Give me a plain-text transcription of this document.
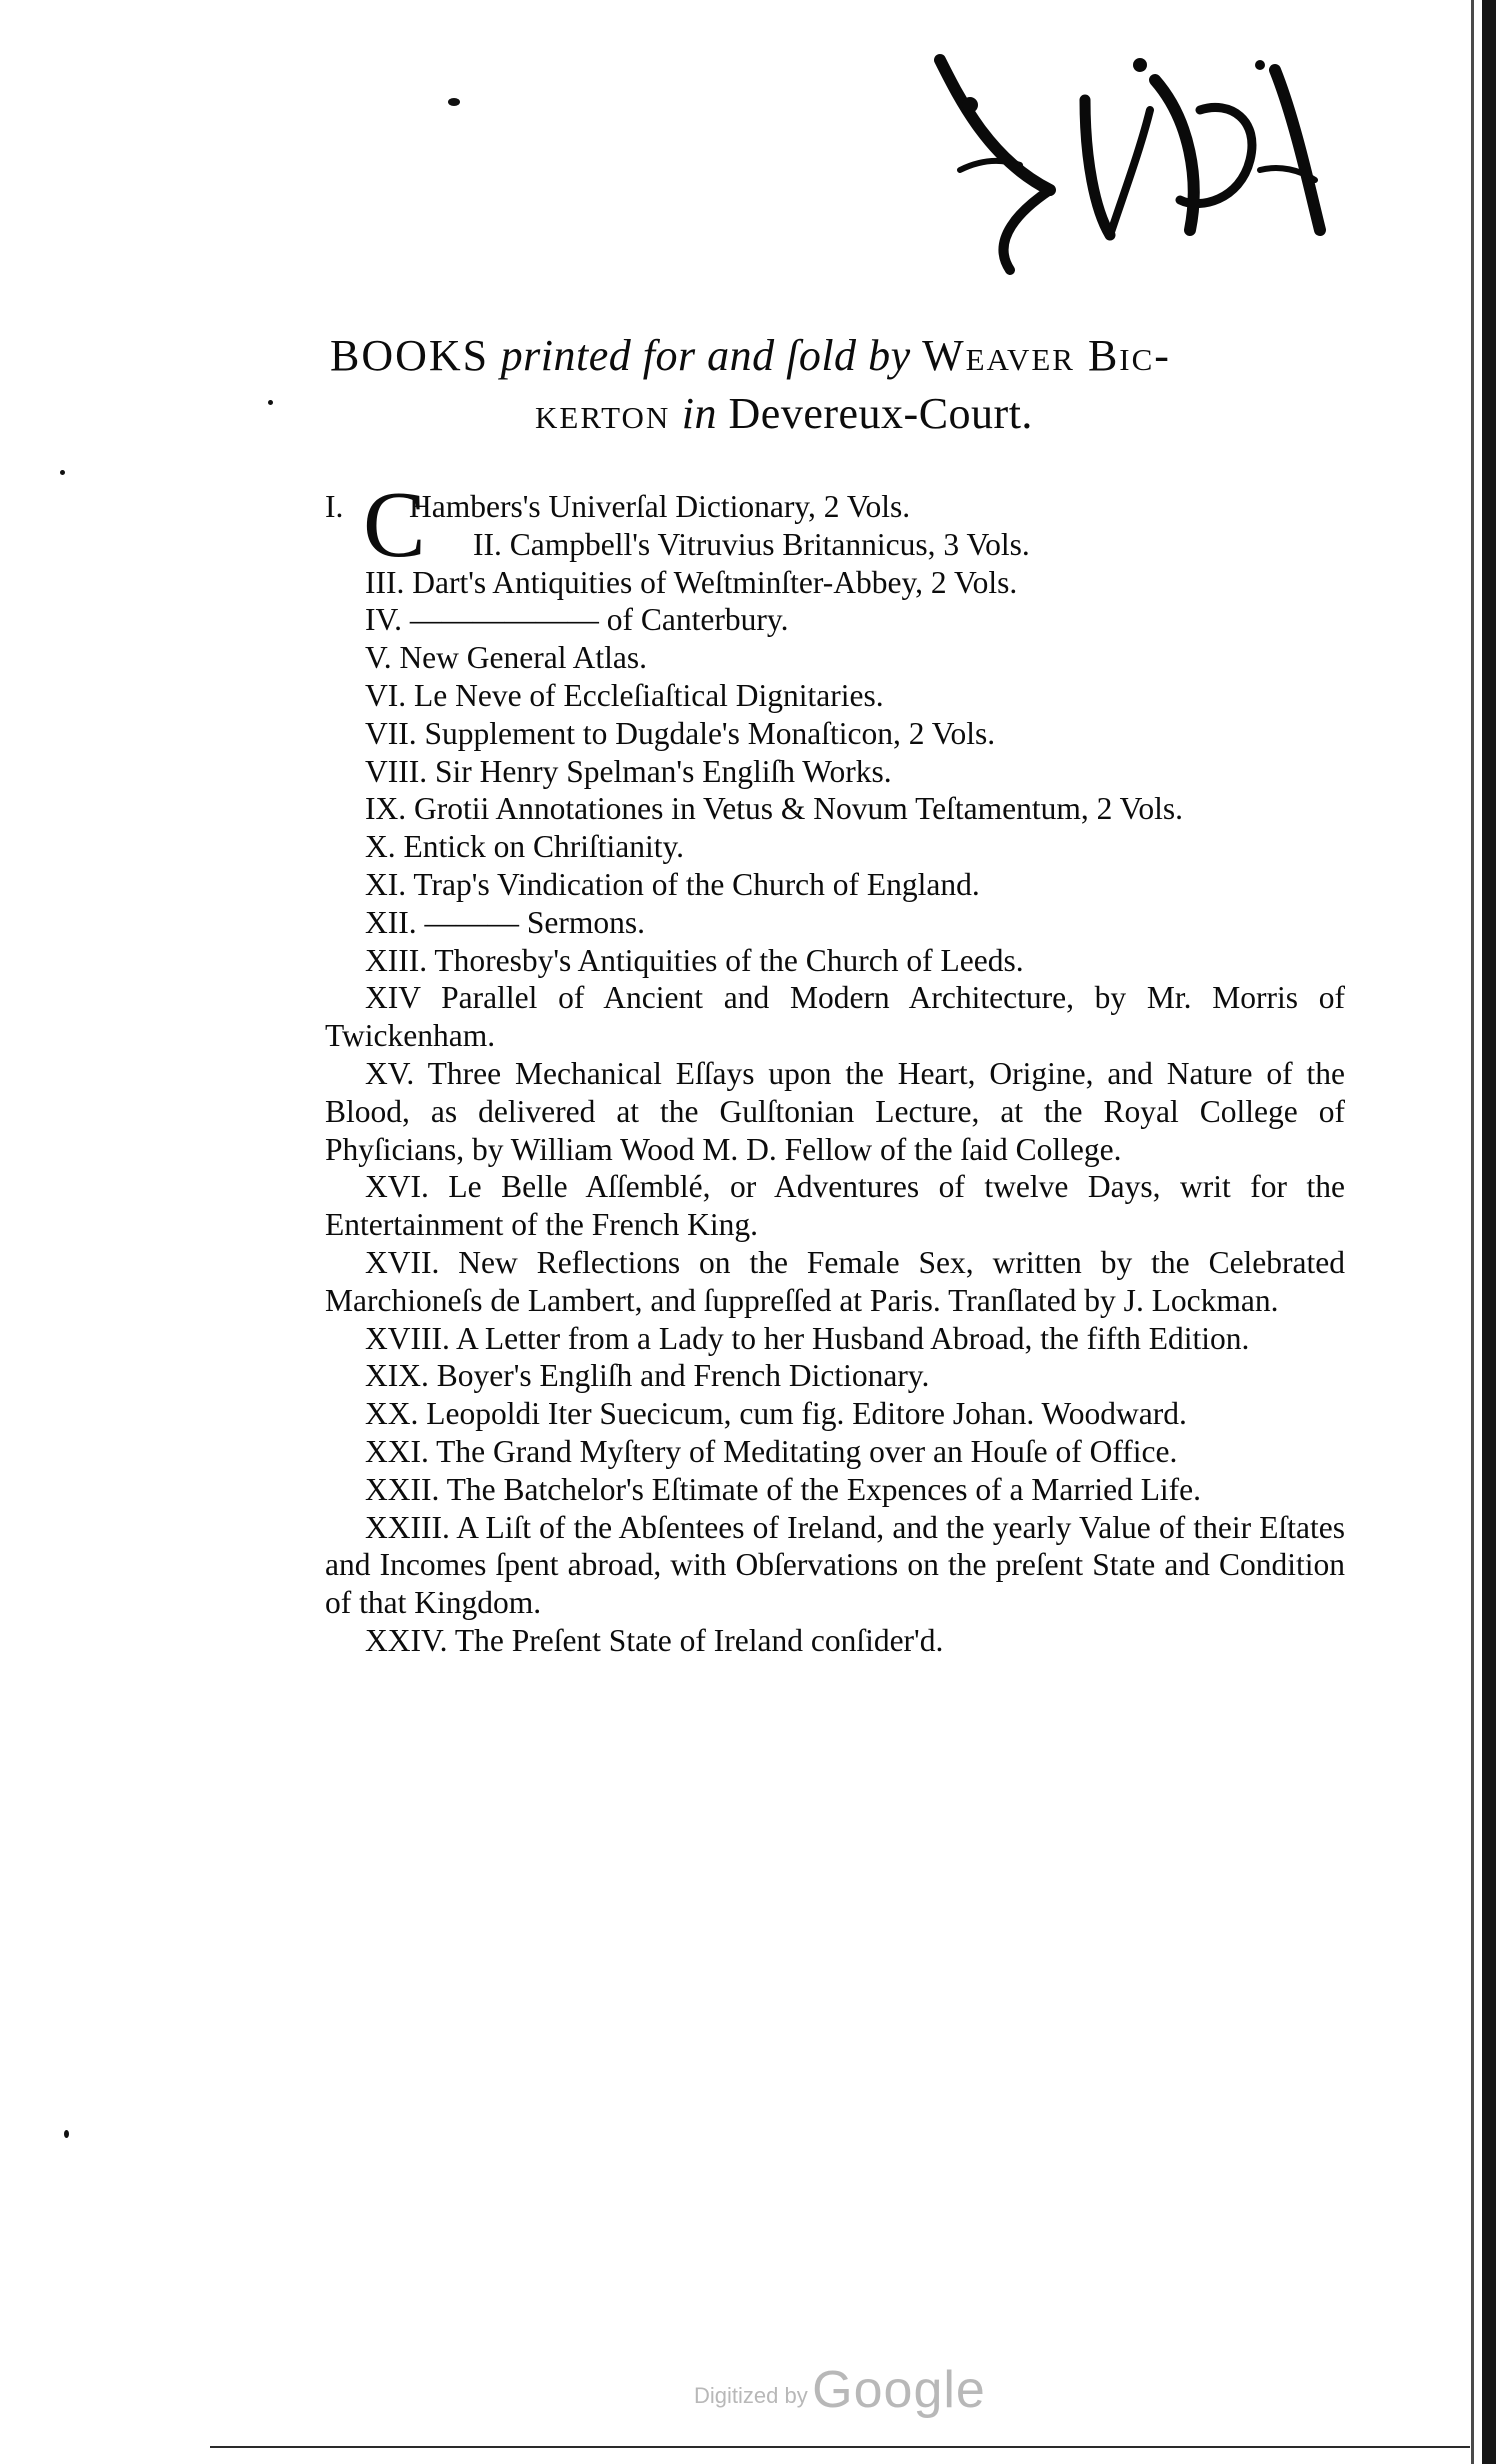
BOOKS printed for and ſold by Weaver Bic-
kerton in Devereux-Court.
I. C
Hambers's Univerſal Dictionary, 2 Vols.
II. Campbell's Vitruvius Britannicus, 3 Vols.
III. Dart's Antiquities of Weſtminſter-Abbey, 2 Vols.
IV. ―――――― of Canterbury.
V. New General Atlas.
VI. Le Neve of Eccleſiaſtical Dignitaries.
VII. Supplement to Dugdale's Monaſticon, 2 Vols.
VIII. Sir Henry Spelman's Engliſh Works.
IX. Grotii Annotationes in Vetus & Novum Teſtamentum, 2 Vols.
X. Entick on Chriſtianity.
XI. Trap's Vindication of the Church of England.
XII. ――― Sermons.
XIII. Thoresby's Antiquities of the Church of Leeds.
XIV Parallel of Ancient and Modern Architecture, by Mr. Morris of Twickenham.
XV. Three Mechanical Eſſays upon the Heart, Origine, and Nature of the Blood, as delivered at the Gulſtonian Lecture, at the Royal College of Phyſicians, by William Wood M. D. Fellow of the ſaid College.
XVI. Le Belle Aſſemblé, or Adventures of twelve Days, writ for the Entertainment of the French King.
XVII. New Reflections on the Female Sex, written by the Celebrated Marchioneſs de Lambert, and ſuppreſſed at Paris. Tranſlated by J. Lockman.
XVIII. A Letter from a Lady to her Husband Abroad, the fifth Edition.
XIX. Boyer's Engliſh and French Dictionary.
XX. Leopoldi Iter Suecicum, cum fig. Editore Johan. Woodward.
XXI. The Grand Myſtery of Meditating over an Houſe of Office.
XXII. The Batchelor's Eſtimate of the Expences of a Married Life.
XXIII. A Liſt of the Abſentees of Ireland, and the yearly Value of their Eſtates and Incomes ſpent abroad, with Obſervations on the preſent State and Condition of that Kingdom.
XXIV. The Preſent State of Ireland conſider'd.
Digitized by Google
